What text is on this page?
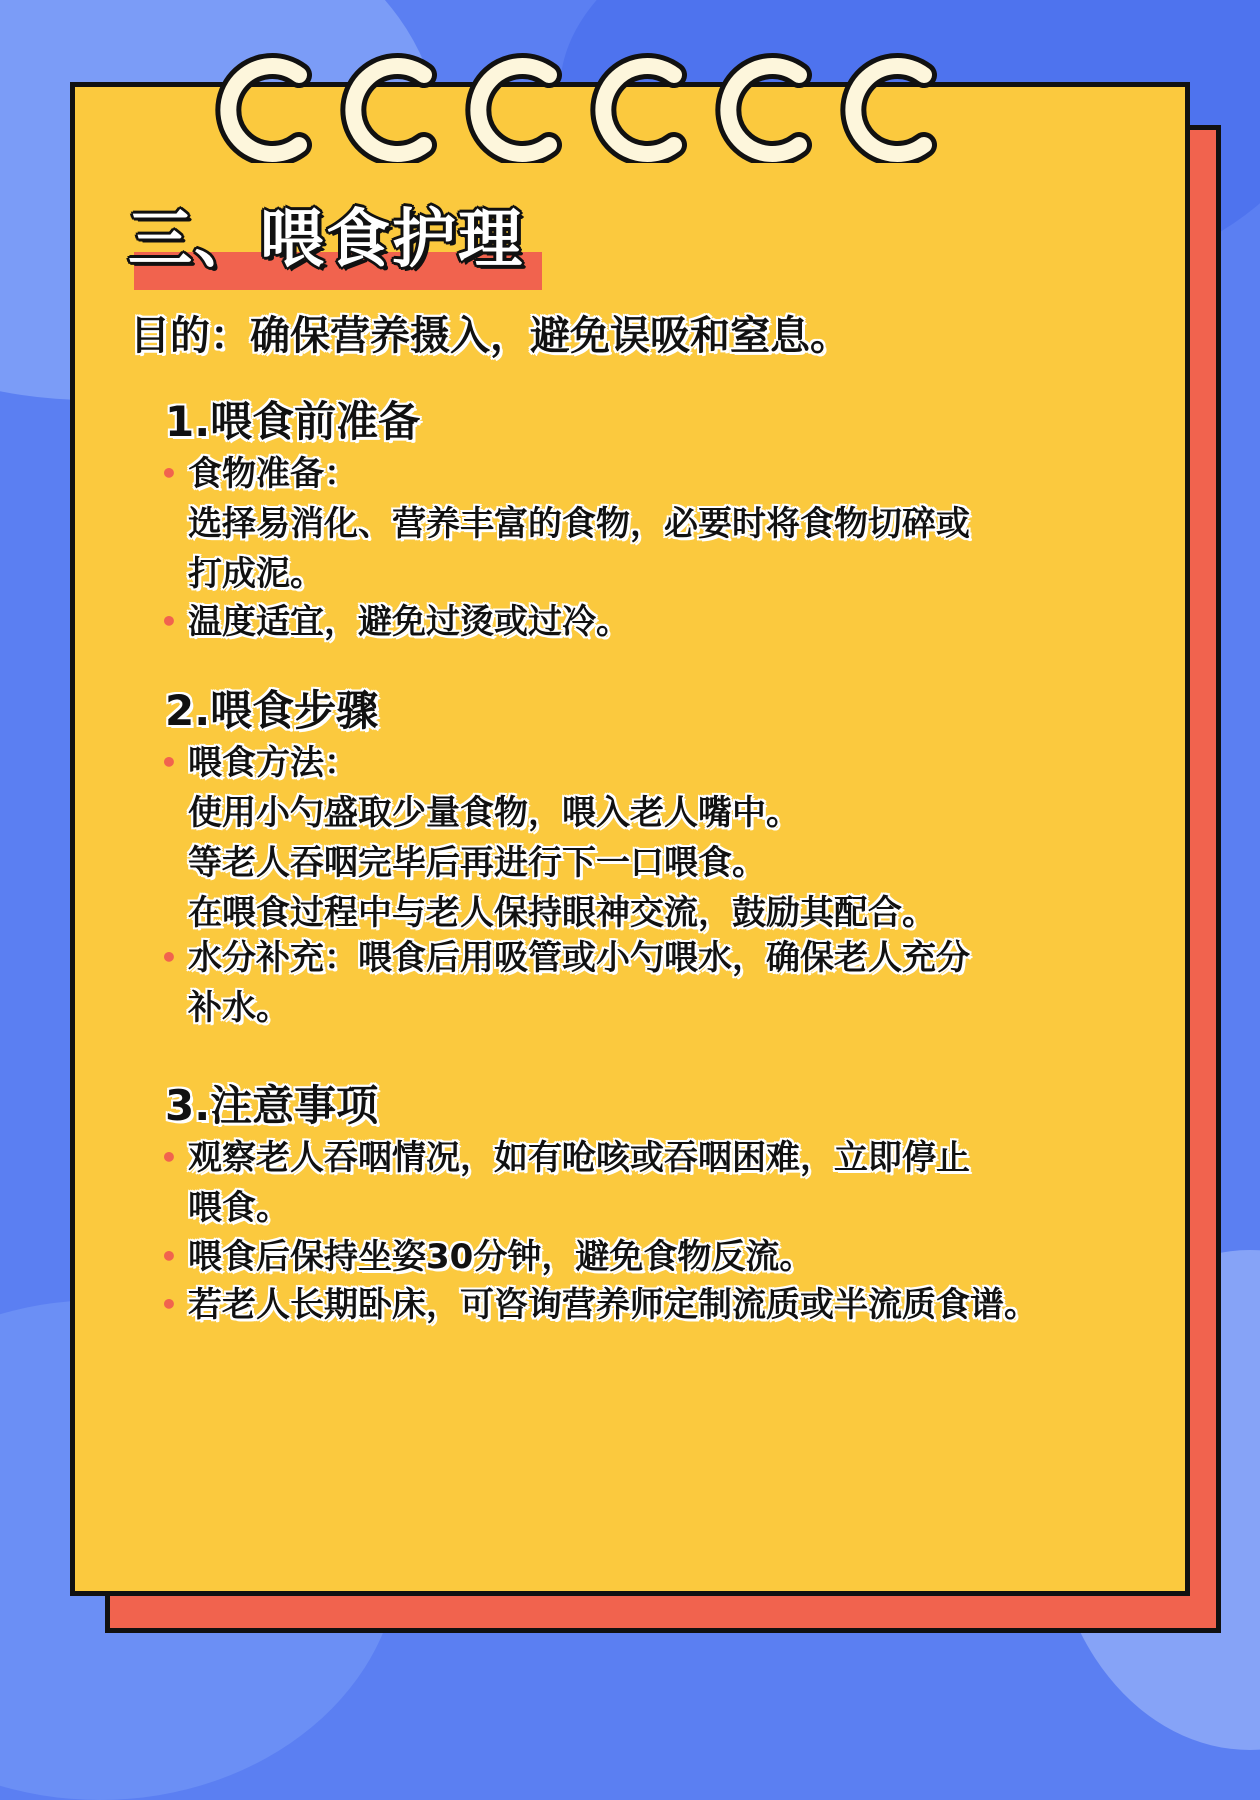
三、喂食护理
目的：确保营养摄入，避免误吸和窒息。
1.喂食前准备
• 食物准备：
选择易消化、营养丰富的食物，必要时将食物切碎或
打成泥。
• 温度适宜，避免过烫或过冷。
2.喂食步骤
• 喂食方法：
使用小勺盛取少量食物，喂入老人嘴中。
等老人吞咽完毕后再进行下一口喂食。
在喂食过程中与老人保持眼神交流，鼓励其配合。
• 水分补充：喂食后用吸管或小勺喂水，确保老人充分
补水。
3.注意事项
• 观察老人吞咽情况，如有呛咳或吞咽困难，立即停止
喂食。
• 喂食后保持坐姿30分钟，避免食物反流。
• 若老人长期卧床，可咨询营养师定制流质或半流质食谱。
